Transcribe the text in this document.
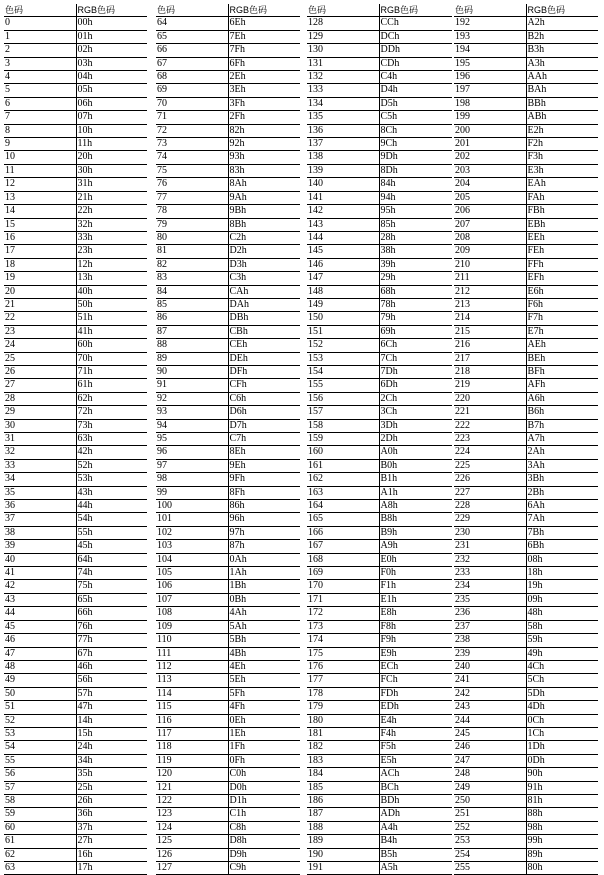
色码	RGB色码
0	00h
1	01h
2	02h
3	03h
4	04h
5	05h
6	06h
7	07h
8	10h
9	11h
10	20h
11	30h
12	31h
13	21h
14	22h
15	32h
16	33h
17	23h
18	12h
19	13h
20	40h
21	50h
22	51h
23	41h
24	60h
25	70h
26	71h
27	61h
28	62h
29	72h
30	73h
31	63h
32	42h
33	52h
34	53h
35	43h
36	44h
37	54h
38	55h
39	45h
40	64h
41	74h
42	75h
43	65h
44	66h
45	76h
46	77h
47	67h
48	46h
49	56h
50	57h
51	47h
52	14h
53	15h
54	24h
55	34h
56	35h
57	25h
58	26h
59	36h
60	37h
61	27h
62	16h
63	17h
色码	RGB色码
64	6Eh
65	7Eh
66	7Fh
67	6Fh
68	2Eh
69	3Eh
70	3Fh
71	2Fh
72	82h
73	92h
74	93h
75	83h
76	8Ah
77	9Ah
78	9Bh
79	8Bh
80	C2h
81	D2h
82	D3h
83	C3h
84	CAh
85	DAh
86	DBh
87	CBh
88	CEh
89	DEh
90	DFh
91	CFh
92	C6h
93	D6h
94	D7h
95	C7h
96	8Eh
97	9Eh
98	9Fh
99	8Fh
100	86h
101	96h
102	97h
103	87h
104	0Ah
105	1Ah
106	1Bh
107	0Bh
108	4Ah
109	5Ah
110	5Bh
111	4Bh
112	4Eh
113	5Eh
114	5Fh
115	4Fh
116	0Eh
117	1Eh
118	1Fh
119	0Fh
120	C0h
121	D0h
122	D1h
123	C1h
124	C8h
125	D8h
126	D9h
127	C9h
色码	RGB色码
128	CCh
129	DCh
130	DDh
131	CDh
132	C4h
133	D4h
134	D5h
135	C5h
136	8Ch
137	9Ch
138	9Dh
139	8Dh
140	84h
141	94h
142	95h
143	85h
144	28h
145	38h
146	39h
147	29h
148	68h
149	78h
150	79h
151	69h
152	6Ch
153	7Ch
154	7Dh
155	6Dh
156	2Ch
157	3Ch
158	3Dh
159	2Dh
160	A0h
161	B0h
162	B1h
163	A1h
164	A8h
165	B8h
166	B9h
167	A9h
168	E0h
169	F0h
170	F1h
171	E1h
172	E8h
173	F8h
174	F9h
175	E9h
176	ECh
177	FCh
178	FDh
179	EDh
180	E4h
181	F4h
182	F5h
183	E5h
184	ACh
185	BCh
186	BDh
187	ADh
188	A4h
189	B4h
190	B5h
191	A5h
色码	RGB色码
192	A2h
193	B2h
194	B3h
195	A3h
196	AAh
197	BAh
198	BBh
199	ABh
200	E2h
201	F2h
202	F3h
203	E3h
204	EAh
205	FAh
206	FBh
207	EBh
208	EEh
209	FEh
210	FFh
211	EFh
212	E6h
213	F6h
214	F7h
215	E7h
216	AEh
217	BEh
218	BFh
219	AFh
220	A6h
221	B6h
222	B7h
223	A7h
224	2Ah
225	3Ah
226	3Bh
227	2Bh
228	6Ah
229	7Ah
230	7Bh
231	6Bh
232	08h
233	18h
234	19h
235	09h
236	48h
237	58h
238	59h
239	49h
240	4Ch
241	5Ch
242	5Dh
243	4Dh
244	0Ch
245	1Ch
246	1Dh
247	0Dh
248	90h
249	91h
250	81h
251	88h
252	98h
253	99h
254	89h
255	80h
